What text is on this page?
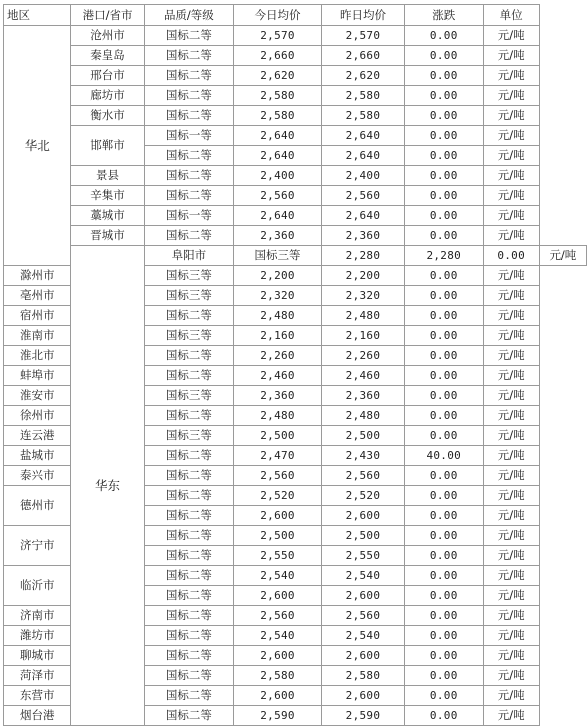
地区	港口/省市	品质/等级	今日均价	昨日均价	涨跌	单位	
华北	沧州市	国标二等	2,570	2,570	0.00	元/吨	
	秦皇岛	国标二等	2,660	2,660	0.00	元/吨	
	邢台市	国标二等	2,620	2,620	0.00	元/吨	
	廊坊市	国标二等	2,580	2,580	0.00	元/吨	
	衡水市	国标二等	2,580	2,580	0.00	元/吨	
	邯郸市	国标一等	2,640	2,640	0.00	元/吨	
		国标二等	2,640	2,640	0.00	元/吨	
	景县	国标二等	2,400	2,400	0.00	元/吨	
	辛集市	国标二等	2,560	2,560	0.00	元/吨	
	藁城市	国标一等	2,640	2,640	0.00	元/吨	
	晋城市	国标二等	2,360	2,360	0.00	元/吨	
	华东	阜阳市	国标三等	2,280	2,280	0.00	元/吨
滁州市		国标三等	2,200	2,200	0.00	元/吨	
亳州市		国标三等	2,320	2,320	0.00	元/吨	
宿州市		国标二等	2,480	2,480	0.00	元/吨	
淮南市		国标三等	2,160	2,160	0.00	元/吨	
淮北市		国标二等	2,260	2,260	0.00	元/吨	
蚌埠市		国标二等	2,460	2,460	0.00	元/吨	
淮安市		国标三等	2,360	2,360	0.00	元/吨	
徐州市		国标二等	2,480	2,480	0.00	元/吨	
连云港		国标三等	2,500	2,500	0.00	元/吨	
盐城市		国标二等	2,470	2,430	40.00	元/吨	
泰兴市		国标二等	2,560	2,560	0.00	元/吨	
德州市		国标二等	2,520	2,520	0.00	元/吨	
		国标二等	2,600	2,600	0.00	元/吨	
济宁市		国标二等	2,500	2,500	0.00	元/吨	
		国标二等	2,550	2,550	0.00	元/吨	
临沂市		国标二等	2,540	2,540	0.00	元/吨	
		国标二等	2,600	2,600	0.00	元/吨	
济南市		国标二等	2,560	2,560	0.00	元/吨	
潍坊市		国标二等	2,540	2,540	0.00	元/吨	
聊城市		国标二等	2,600	2,600	0.00	元/吨	
菏泽市		国标二等	2,580	2,580	0.00	元/吨	
东营市		国标二等	2,600	2,600	0.00	元/吨	
烟台港		国标二等	2,590	2,590	0.00	元/吨	
